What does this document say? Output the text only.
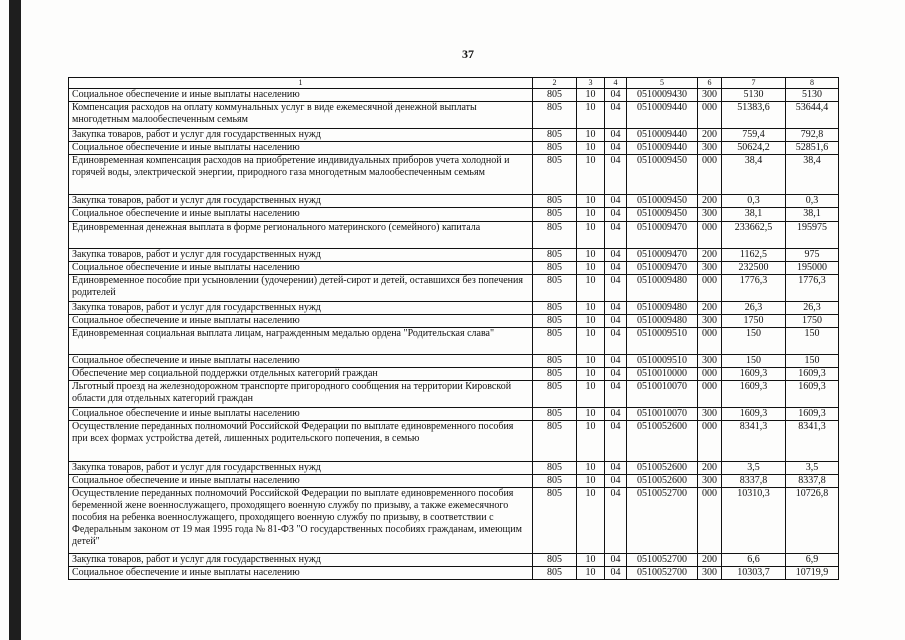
37
1	2	3	4	5	6	7	8
Социальное обеспечение и иные выплаты населению	805	10	04	0510009430	300	5130	5130
Компенсация расходов на оплату коммунальных услуг в виде ежемесячной денежной выплаты многодетным малообеспеченным семьям	805	10	04	0510009440	000	51383,6	53644,4
Закупка товаров, работ и услуг для государственных нужд	805	10	04	0510009440	200	759,4	792,8
Социальное обеспечение и иные выплаты населению	805	10	04	0510009440	300	50624,2	52851,6
Единовременная компенсация расходов на приобретение индивидуальных приборов учета холодной и горячей воды, электрической энергии, природного газа многодетным малообеспеченным семьям	805	10	04	0510009450	000	38,4	38,4
Закупка товаров, работ и услуг для государственных нужд	805	10	04	0510009450	200	0,3	0,3
Социальное обеспечение и иные выплаты населению	805	10	04	0510009450	300	38,1	38,1
Единовременная денежная выплата в форме регионального материнского (семейного) капитала	805	10	04	0510009470	000	233662,5	195975
Закупка товаров, работ и услуг для государственных нужд	805	10	04	0510009470	200	1162,5	975
Социальное обеспечение и иные выплаты населению	805	10	04	0510009470	300	232500	195000
Единовременное пособие при усыновлении (удочерении) детей-сирот и детей, оставшихся без попечения родителей	805	10	04	0510009480	000	1776,3	1776,3
Закупка товаров, работ и услуг для государственных нужд	805	10	04	0510009480	200	26,3	26,3
Социальное обеспечение и иные выплаты населению	805	10	04	0510009480	300	1750	1750
Единовременная социальная выплата лицам, награжденным медалью ордена "Родительская слава"	805	10	04	0510009510	000	150	150
Социальное обеспечение и иные выплаты населению	805	10	04	0510009510	300	150	150
Обеспечение мер социальной поддержки отдельных категорий граждан	805	10	04	0510010000	000	1609,3	1609,3
Льготный проезд на железнодорожном транспорте пригородного сообщения на территории Кировской области для отдельных категорий граждан	805	10	04	0510010070	000	1609,3	1609,3
Социальное обеспечение и иные выплаты населению	805	10	04	0510010070	300	1609,3	1609,3
Осуществление переданных полномочий Российской Федерации по выплате единовременного пособия при всех формах устройства детей, лишенных родительского попечения, в семью	805	10	04	0510052600	000	8341,3	8341,3
Закупка товаров, работ и услуг для государственных нужд	805	10	04	0510052600	200	3,5	3,5
Социальное обеспечение и иные выплаты населению	805	10	04	0510052600	300	8337,8	8337,8
Осуществление переданных полномочий Российской Федерации по выплате единовременного пособия беременной жене военнослужащего, проходящего военную службу по призыву, а также ежемесячного пособия на ребенка военнослужащего, проходящего военную службу по призыву, в соответствии с Федеральным законом от 19 мая 1995 года № 81-ФЗ "О государственных пособиях гражданам, имеющим детей"	805	10	04	0510052700	000	10310,3	10726,8
Закупка товаров, работ и услуг для государственных нужд	805	10	04	0510052700	200	6,6	6,9
Социальное обеспечение и иные выплаты населению	805	10	04	0510052700	300	10303,7	10719,9
